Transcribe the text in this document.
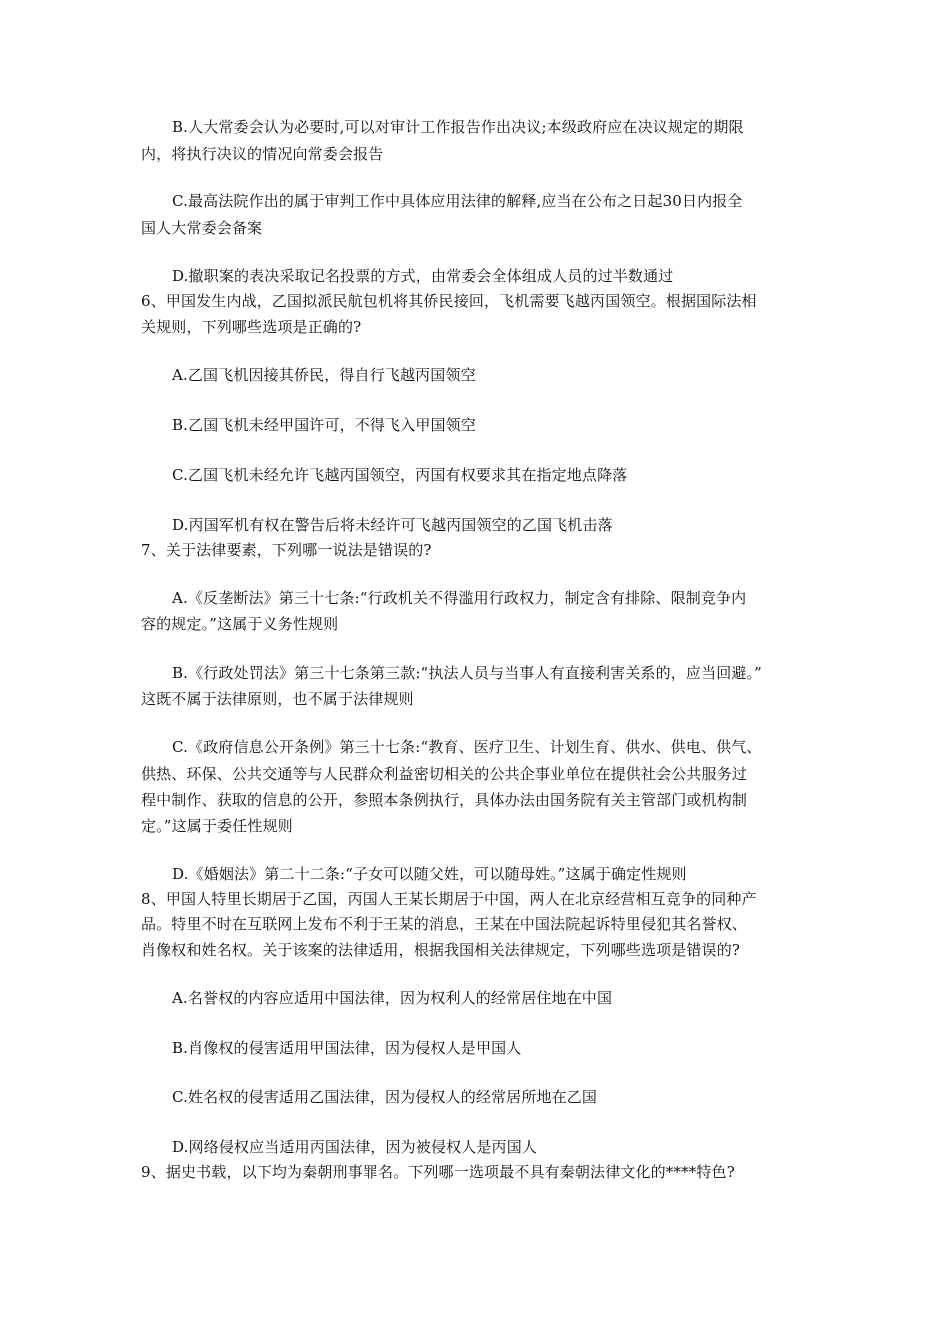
B.人大常委会认为必要时,可以对审计工作报告作出决议;本级政府应在决议规定的期限
内，将执行决议的情况向常委会报告
C.最高法院作出的属于审判工作中具体应用法律的解释,应当在公布之日起30日内报全
国人大常委会备案
D.撤职案的表决采取记名投票的方式，由常委会全体组成人员的过半数通过
6、甲国发生内战，乙国拟派民航包机将其侨民接回，飞机需要飞越丙国领空。根据国际法相
关规则，下列哪些选项是正确的?
A.乙国飞机因接其侨民，得自行飞越丙国领空
B.乙国飞机未经甲国许可，不得飞入甲国领空
C.乙国飞机未经允许飞越丙国领空，丙国有权要求其在指定地点降落
D.丙国军机有权在警告后将未经许可飞越丙国领空的乙国飞机击落
7、关于法律要素，下列哪一说法是错误的?
A.《反垄断法》第三十七条:“行政机关不得滥用行政权力，制定含有排除、限制竞争内
容的规定。”这属于义务性规则
B.《行政处罚法》第三十七条第三款:“执法人员与当事人有直接利害关系的，应当回避。”
这既不属于法律原则，也不属于法律规则
C.《政府信息公开条例》第三十七条:“教育、医疗卫生、计划生育、供水、供电、供气、
供热、环保、公共交通等与人民群众利益密切相关的公共企事业单位在提供社会公共服务过
程中制作、获取的信息的公开，参照本条例执行，具体办法由国务院有关主管部门或机构制
定。”这属于委任性规则
D.《婚姻法》第二十二条:“子女可以随父姓，可以随母姓。”这属于确定性规则
8、甲国人特里长期居于乙国，丙国人王某长期居于中国，两人在北京经营相互竞争的同种产
品。特里不时在互联网上发布不利于王某的消息，王某在中国法院起诉特里侵犯其名誉权、
肖像权和姓名权。关于该案的法律适用，根据我国相关法律规定，下列哪些选项是错误的?
A.名誉权的内容应适用中国法律，因为权利人的经常居住地在中国
B.肖像权的侵害适用甲国法律，因为侵权人是甲国人
C.姓名权的侵害适用乙国法律，因为侵权人的经常居所地在乙国
D.网络侵权应当适用丙国法律，因为被侵权人是丙国人
9、据史书载，以下均为秦朝刑事罪名。下列哪一选项最不具有秦朝法律文化的****特色?
